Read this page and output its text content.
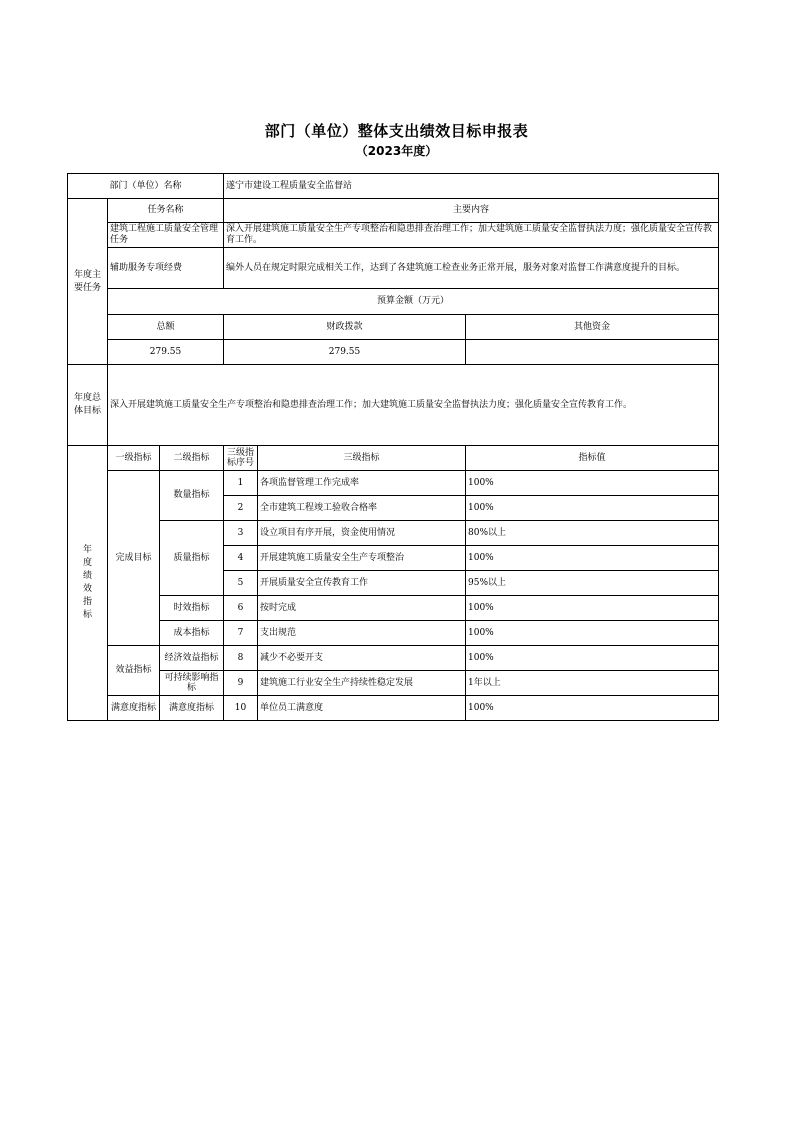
部门（单位）整体支出绩效目标申报表
（2023年度）
部门（单位）名称			遂宁市建设工程质量安全监督站		
年度主要任务	任务名称		主要内容		
	建筑工程施工质量安全管理任务		深入开展建筑施工质量安全生产专项整治和隐患排查治理工作；加大建筑施工质量安全监督执法力度；强化质量安全宣传教育工作。		
	辅助服务专项经费		编外人员在规定时限完成相关工作，达到了各建筑施工检查业务正常开展，服务对象对监督工作满意度提升的目标。		
	预算金额（万元）				
	总额		财政拨款		其他资金
	279.55		279.55		
年度总体目标	深入开展建筑施工质量安全生产专项整治和隐患排查治理工作；加大建筑施工质量安全监督执法力度；强化质量安全宣传教育工作。				
年度绩效指标	一级指标	二级指标	三级指标序号	三级指标	指标值
	完成目标	数量指标	1	各项监督管理工作完成率	100%
			2	全市建筑工程竣工验收合格率	100%
		质量指标	3	设立项目有序开展，资金使用情况	80%以上
			4	开展建筑施工质量安全生产专项整治	100%
			5	开展质量安全宣传教育工作	95%以上
		时效指标	6	按时完成	100%
		成本指标	7	支出规范	100%
	效益指标	经济效益指标	8	减少不必要开支	100%
		可持续影响指标	9	建筑施工行业安全生产持续性稳定发展	1年以上
	满意度指标	满意度指标	10	单位员工满意度	100%
